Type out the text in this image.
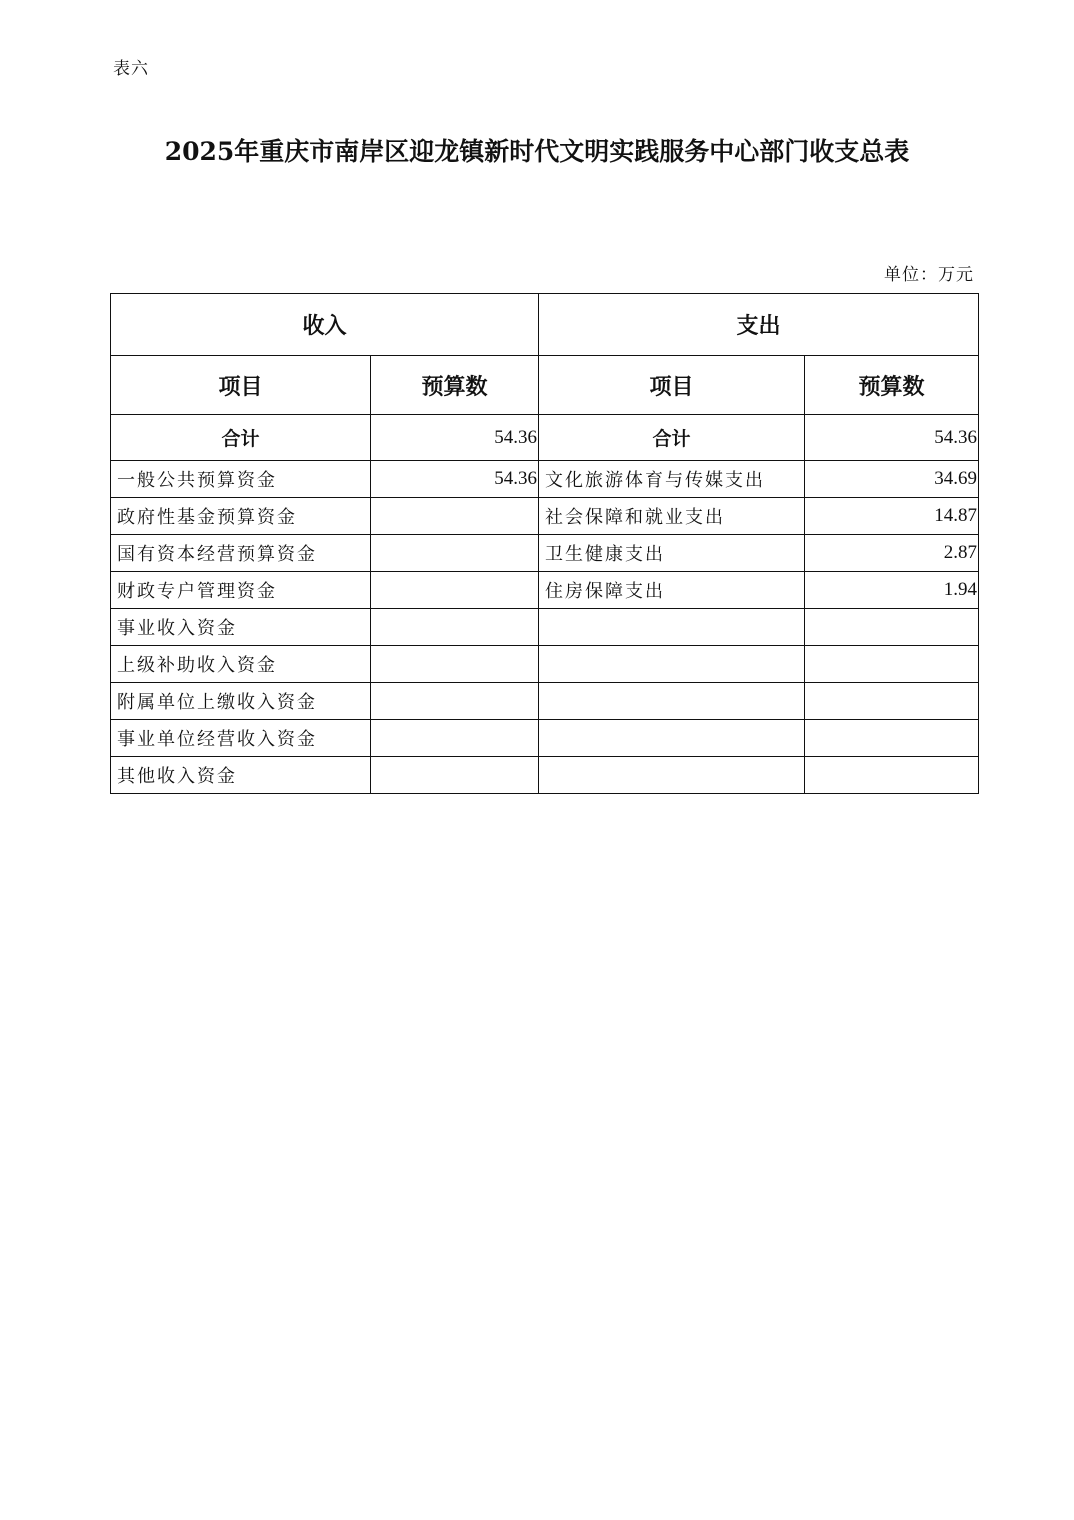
表六
2025年重庆市南岸区迎龙镇新时代文明实践服务中心部门收支总表
单位：万元
收入		支出	
项目	预算数	项目	预算数
合计	54.36	合计	54.36
一般公共预算资金	54.36	文化旅游体育与传媒支出	34.69
政府性基金预算资金		社会保障和就业支出	14.87
国有资本经营预算资金		卫生健康支出	2.87
财政专户管理资金		住房保障支出	1.94
事业收入资金			
上级补助收入资金			
附属单位上缴收入资金			
事业单位经营收入资金			
其他收入资金			
